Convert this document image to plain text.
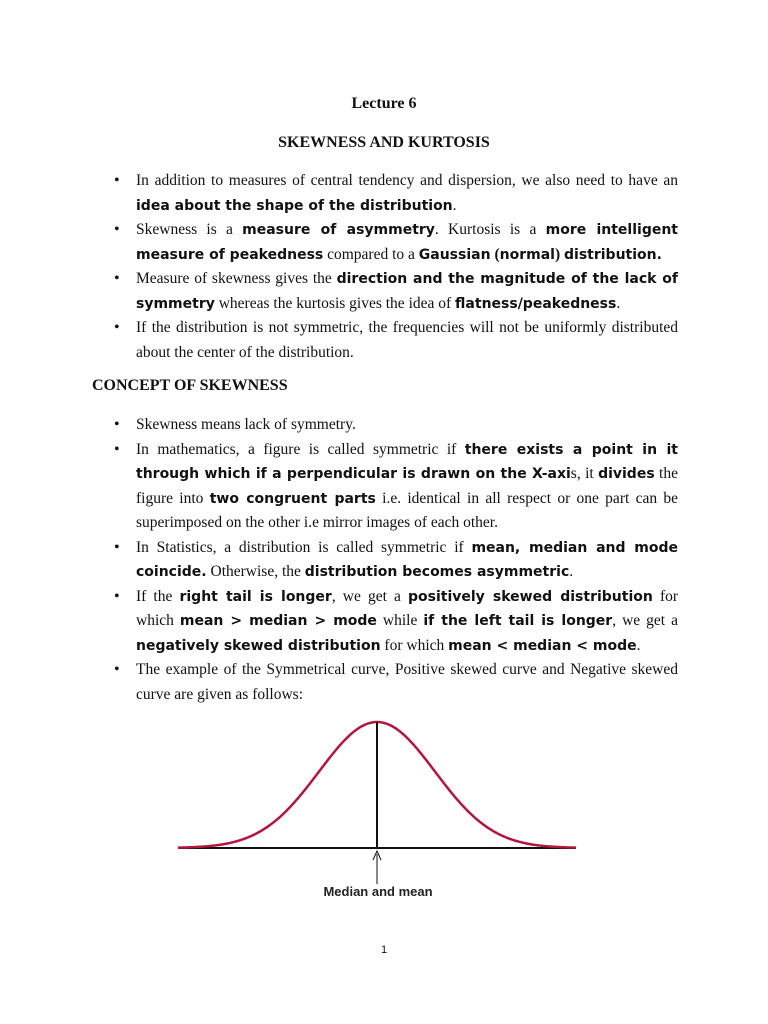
Lecture 6
SKEWNESS AND KURTOSIS
• In addition to measures of central tendency and dispersion, we also need to have an idea about the shape of the distribution.
• Skewness is a measure of asymmetry. Kurtosis is a more intelligent measure of peakedness compared to a Gaussian (normal) distribution.
• Measure of skewness gives the direction and the magnitude of the lack of symmetry whereas the kurtosis gives the idea of flatness/peakedness.
• If the distribution is not symmetric, the frequencies will not be uniformly distributed about the center of the distribution.
CONCEPT OF SKEWNESS
• Skewness means lack of symmetry.
• In mathematics, a figure is called symmetric if there exists a point in it through which if a perpendicular is drawn on the X-axis, it divides the figure into two congruent parts i.e. identical in all respect or one part can be superimposed on the other i.e mirror images of each other.
• In Statistics, a distribution is called symmetric if mean, median and mode coincide. Otherwise, the distribution becomes asymmetric.
• If the right tail is longer, we get a positively skewed distribution for which mean > median > mode while if the left tail is longer, we get a negatively skewed distribution for which mean < median < mode.
• The example of the Symmetrical curve, Positive skewed curve and Negative skewed curve are given as follows:
Median and mean
1
